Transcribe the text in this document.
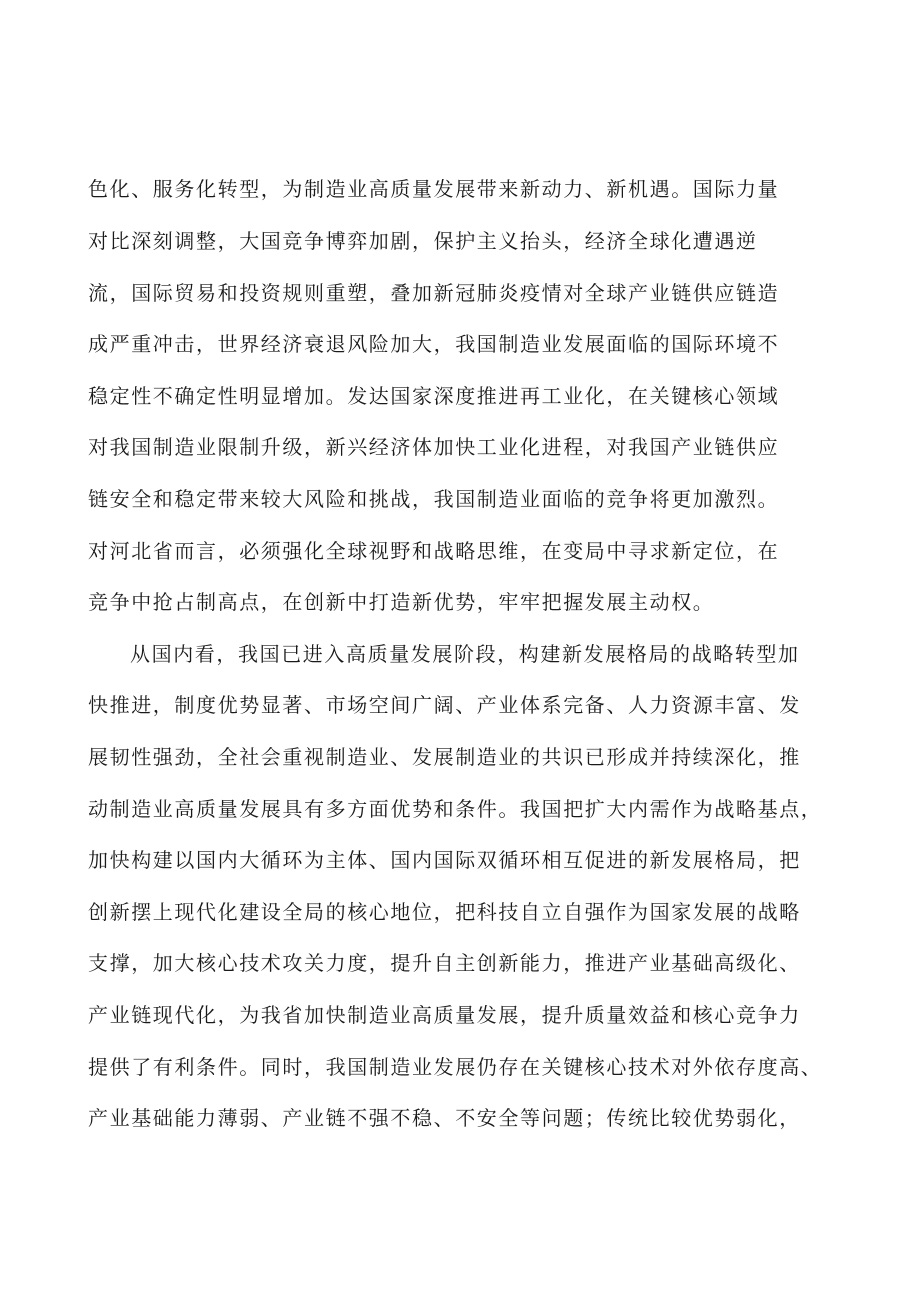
色化、服务化转型，为制造业高质量发展带来新动力、新机遇。国际力量
对比深刻调整，大国竞争博弈加剧，保护主义抬头，经济全球化遭遇逆
流，国际贸易和投资规则重塑，叠加新冠肺炎疫情对全球产业链供应链造
成严重冲击，世界经济衰退风险加大，我国制造业发展面临的国际环境不
稳定性不确定性明显增加。发达国家深度推进再工业化，在关键核心领域
对我国制造业限制升级，新兴经济体加快工业化进程，对我国产业链供应
链安全和稳定带来较大风险和挑战，我国制造业面临的竞争将更加激烈。
对河北省而言，必须强化全球视野和战略思维，在变局中寻求新定位，在
竞争中抢占制高点，在创新中打造新优势，牢牢把握发展主动权。
从国内看，我国已进入高质量发展阶段，构建新发展格局的战略转型加
快推进，制度优势显著、市场空间广阔、产业体系完备、人力资源丰富、发
展韧性强劲，全社会重视制造业、发展制造业的共识已形成并持续深化，推
动制造业高质量发展具有多方面优势和条件。我国把扩大内需作为战略基点，
加快构建以国内大循环为主体、国内国际双循环相互促进的新发展格局，把
创新摆上现代化建设全局的核心地位，把科技自立自强作为国家发展的战略
支撑，加大核心技术攻关力度，提升自主创新能力，推进产业基础高级化、
产业链现代化，为我省加快制造业高质量发展，提升质量效益和核心竞争力
提供了有利条件。同时，我国制造业发展仍存在关键核心技术对外依存度高、
产业基础能力薄弱、产业链不强不稳、不安全等问题；传统比较优势弱化，
